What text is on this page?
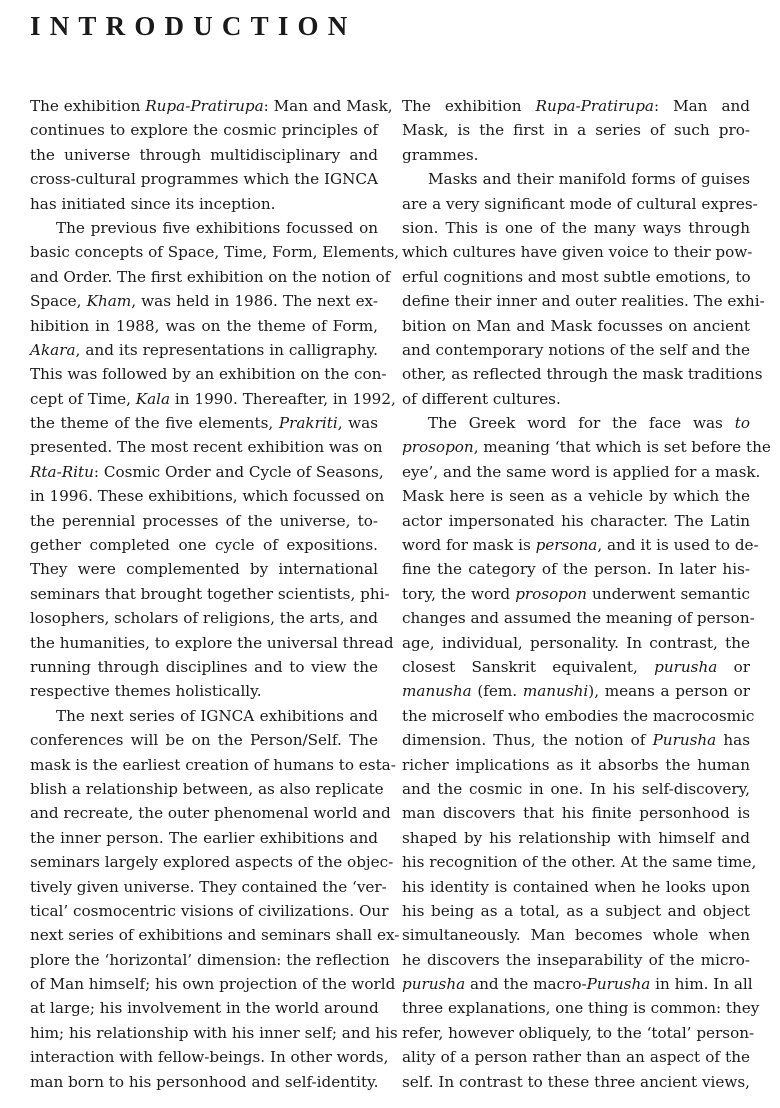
INTRODUCTION
The exhibition Rupa-Pratirupa: Man and Mask,
continues to explore the cosmic principles of
the universe through multidisciplinary and
cross-cultural programmes which the IGNCA
has initiated since its inception.
The previous five exhibitions focussed on
basic concepts of Space, Time, Form, Elements,
and Order. The first exhibition on the notion of
Space, Kham, was held in 1986. The next ex-
hibition in 1988, was on the theme of Form,
Akara, and its representations in calligraphy.
This was followed by an exhibition on the con-
cept of Time, Kala in 1990. Thereafter, in 1992,
the theme of the five elements, Prakriti, was
presented. The most recent exhibition was on
Rta-Ritu: Cosmic Order and Cycle of Seasons,
in 1996. These exhibitions, which focussed on
the perennial processes of the universe, to-
gether completed one cycle of expositions.
They were complemented by international
seminars that brought together scientists, phi-
losophers, scholars of religions, the arts, and
the humanities, to explore the universal thread
running through disciplines and to view the
respective themes holistically.
The next series of IGNCA exhibitions and
conferences will be on the Person/Self. The
mask is the earliest creation of humans to esta-
blish a relationship between, as also replicate
and recreate, the outer phenomenal world and
the inner person. The earlier exhibitions and
seminars largely explored aspects of the objec-
tively given universe. They contained the ‘ver-
tical’ cosmocentric visions of civilizations. Our
next series of exhibitions and seminars shall ex-
plore the ‘horizontal’ dimension: the reflection
of Man himself; his own projection of the world
at large; his involvement in the world around
him; his relationship with his inner self; and his
interaction with fellow-beings. In other words,
man born to his personhood and self-identity.
The exhibition Rupa-Pratirupa: Man and
Mask, is the first in a series of such pro-
grammes.
Masks and their manifold forms of guises
are a very significant mode of cultural expres-
sion. This is one of the many ways through
which cultures have given voice to their pow-
erful cognitions and most subtle emotions, to
define their inner and outer realities. The exhi-
bition on Man and Mask focusses on ancient
and contemporary notions of the self and the
other, as reflected through the mask traditions
of different cultures.
The Greek word for the face was to
prosopon, meaning ‘that which is set before the
eye’, and the same word is applied for a mask.
Mask here is seen as a vehicle by which the
actor impersonated his character. The Latin
word for mask is persona, and it is used to de-
fine the category of the person. In later his-
tory, the word prosopon underwent semantic
changes and assumed the meaning of person-
age, individual, personality. In contrast, the
closest Sanskrit equivalent, purusha or
manusha (fem. manushi), means a person or
the microself who embodies the macrocosmic
dimension. Thus, the notion of Purusha has
richer implications as it absorbs the human
and the cosmic in one. In his self-discovery,
man discovers that his finite personhood is
shaped by his relationship with himself and
his recognition of the other. At the same time,
his identity is contained when he looks upon
his being as a total, as a subject and object
simultaneously. Man becomes whole when
he discovers the inseparability of the micro-
purusha and the macro-Purusha in him. In all
three explanations, one thing is common: they
refer, however obliquely, to the ‘total’ person-
ality of a person rather than an aspect of the
self. In contrast to these three ancient views,
